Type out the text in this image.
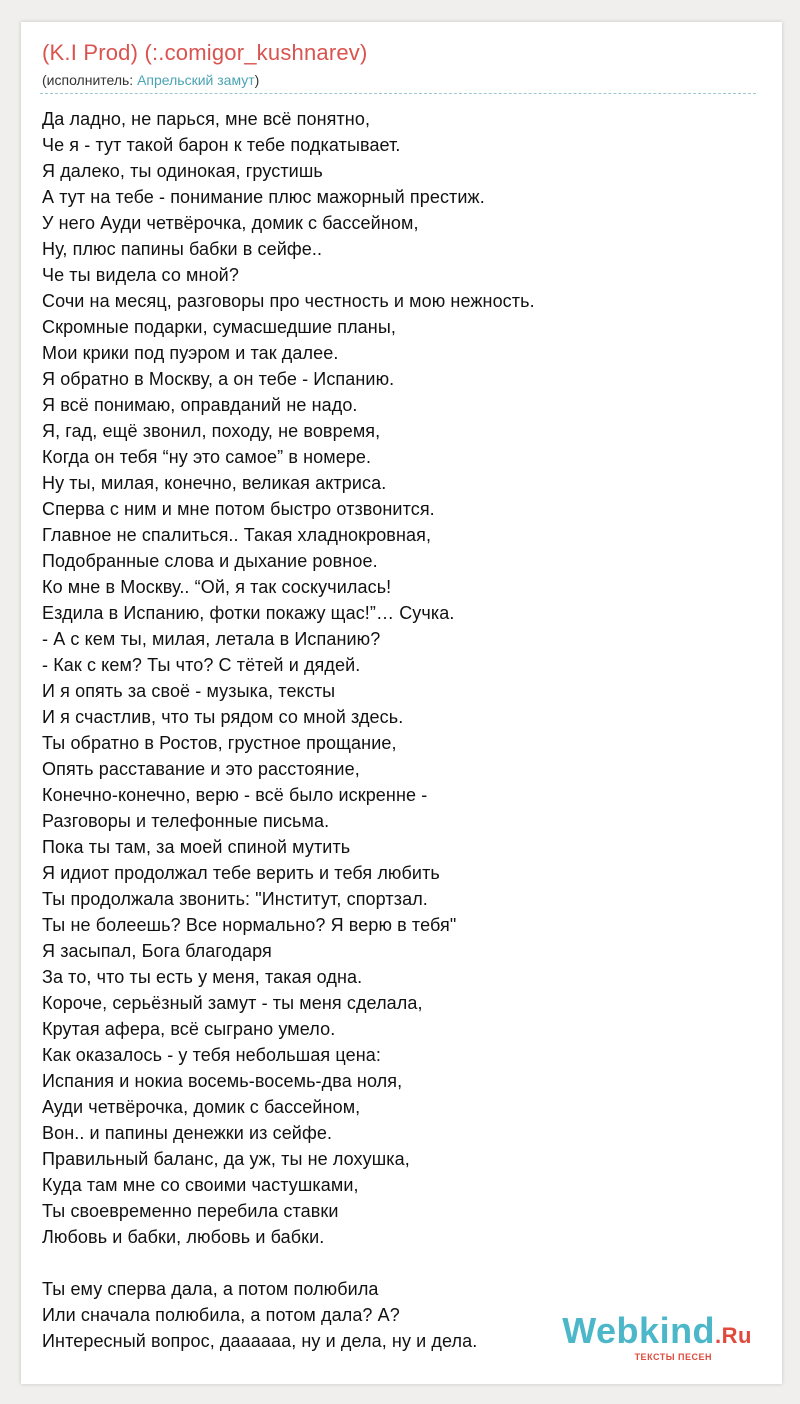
(K.I Prod) (:.comigor_kushnarev)
(исполнитель: Апрельский замут)
Да ладно, не парься, мне всё понятно,
Че я - тут такой барон к тебе подкатывает.
Я далеко, ты одинокая, грустишь
А тут на тебе - понимание плюс мажорный престиж.
У него Ауди четвёрочка, домик с бассейном,
Ну, плюс папины бабки в сейфе..
Че ты видела со мной?
Сочи на месяц, разговоры про честность и мою нежность.
Скромные подарки, сумасшедшие планы,
Мои крики под пуэром и так далее.
Я обратно в Москву, а он тебе - Испанию.
Я всё понимаю, оправданий не надо.
Я, гад, ещё звонил, походу, не вовремя,
Когда он тебя “ну это самое” в номере.
Ну ты, милая, конечно, великая актриса.
Сперва с ним и мне потом быстро отзвонится.
Главное не спалиться.. Такая хладнокровная,
Подобранные слова и дыхание ровное.
Ко мне в Москву.. “Ой, я так соскучилась!
Ездила в Испанию, фотки покажу щас!”… Сучка.
- А с кем ты, милая, летала в Испанию?
- Как с кем? Ты что? С тётей и дядей.
И я опять за своё - музыка, тексты
И я счастлив, что ты рядом со мной здесь.
Ты обратно в Ростов, грустное прощание,
Опять расставание и это расстояние,
Конечно-конечно, верю - всё было искренне -
Разговоры и телефонные письма.
Пока ты там, за моей спиной мутить
Я идиот продолжал тебе верить и тебя любить
Ты продолжала звонить: "Институт, спортзал.
Ты не болеешь? Все нормально? Я верю в тебя"
Я засыпал, Бога благодаря
За то, что ты есть у меня, такая одна.
Короче, серьёзный замут - ты меня сделала,
Крутая афера, всё сыграно умело.
Как оказалось - у тебя небольшая цена:
Испания и нокиа восемь-восемь-два ноля,
Ауди четвёрочка, домик с бассейном,
Вон.. и папины денежки из сейфе.
Правильный баланс, да уж, ты не лохушка,
Куда там мне со своими частушками,
Ты своевременно перебила ставки
Любовь и бабки, любовь и бабки.
Ты ему сперва дала, а потом полюбила
Или сначала полюбила, а потом дала? А?
Интересный вопрос, даааааа, ну и дела, ну и дела.	Webkind.Ru
ТЕКСТЫ ПЕСЕН
